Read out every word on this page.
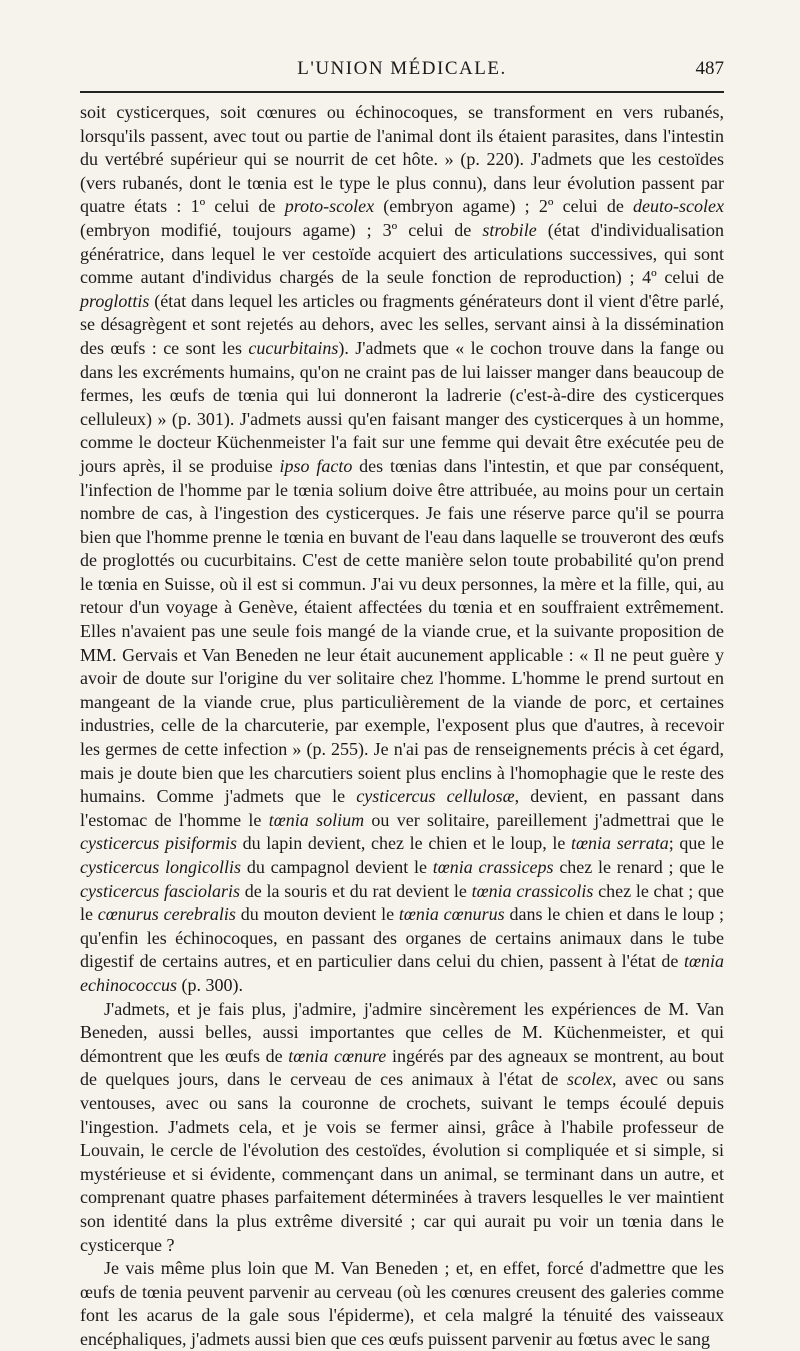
L'UNION MÉDICALE.	487

soit cysticerques, soit cœnures ou échinocoques, se transforment en vers rubanés, lorsqu'ils passent, avec tout ou partie de l'animal dont ils étaient parasites, dans l'intestin du vertébré supérieur qui se nourrit de cet hôte. » (p. 220). J'admets que les cestoïdes (vers rubanés, dont le tœnia est le type le plus connu), dans leur évolution passent par quatre états : 1º celui de proto-scolex (embryon agame) ; 2º celui de deuto-scolex (embryon modifié, toujours agame) ; 3º celui de strobile (état d'individualisation génératrice, dans lequel le ver cestoïde acquiert des articulations successives, qui sont comme autant d'individus chargés de la seule fonction de reproduction) ; 4º celui de proglottis (état dans lequel les articles ou fragments générateurs dont il vient d'être parlé, se désagrègent et sont rejetés au dehors, avec les selles, servant ainsi à la dissémination des œufs : ce sont les cucurbitains). J'admets que « le cochon trouve dans la fange ou dans les excréments humains, qu'on ne craint pas de lui laisser manger dans beaucoup de fermes, les œufs de tœnia qui lui donneront la ladrerie (c'est-à-dire des cysticerques celluleux) » (p. 301). J'admets aussi qu'en faisant manger des cysticerques à un homme, comme le docteur Küchenmeister l'a fait sur une femme qui devait être exécutée peu de jours après, il se produise ipso facto des tœnias dans l'intestin, et que par conséquent, l'infection de l'homme par le tœnia solium doive être attribuée, au moins pour un certain nombre de cas, à l'ingestion des cysticerques. Je fais une réserve parce qu'il se pourra bien que l'homme prenne le tœnia en buvant de l'eau dans laquelle se trouveront des œufs de proglottés ou cucurbitains. C'est de cette manière selon toute probabilité qu'on prend le tœnia en Suisse, où il est si commun. J'ai vu deux personnes, la mère et la fille, qui, au retour d'un voyage à Genève, étaient affectées du tœnia et en souffraient extrêmement. Elles n'avaient pas une seule fois mangé de la viande crue, et la suivante proposition de MM. Gervais et Van Beneden ne leur était aucunement applicable : « Il ne peut guère y avoir de doute sur l'origine du ver solitaire chez l'homme. L'homme le prend surtout en mangeant de la viande crue, plus particulièrement de la viande de porc, et certaines industries, celle de la charcuterie, par exemple, l'exposent plus que d'autres, à recevoir les germes de cette infection » (p. 255). Je n'ai pas de renseignements précis à cet égard, mais je doute bien que les charcutiers soient plus enclins à l'homophagie que le reste des humains. Comme j'admets que le cysticercus cellulosæ, devient, en passant dans l'estomac de l'homme le tœnia solium ou ver solitaire, pareillement j'admettrai que le cysticercus pisiformis du lapin devient, chez le chien et le loup, le tœnia serrata; que le cysticercus longicollis du campagnol devient le tœnia crassiceps chez le renard ; que le cysticercus fasciolaris de la souris et du rat devient le tœnia crassicolis chez le chat ; que le cœnurus cerebralis du mouton devient le tœnia cœnurus dans le chien et dans le loup ; qu'enfin les échinocoques, en passant des organes de certains animaux dans le tube digestif de certains autres, et en particulier dans celui du chien, passent à l'état de tœnia echinococcus (p. 300).

J'admets, et je fais plus, j'admire, j'admire sincèrement les expériences de M. Van Beneden, aussi belles, aussi importantes que celles de M. Küchenmeister, et qui démontrent que les œufs de tœnia cœnure ingérés par des agneaux se montrent, au bout de quelques jours, dans le cerveau de ces animaux à l'état de scolex, avec ou sans ventouses, avec ou sans la couronne de crochets, suivant le temps écoulé depuis l'ingestion. J'admets cela, et je vois se fermer ainsi, grâce à l'habile professeur de Louvain, le cercle de l'évolution des cestoïdes, évolution si compliquée et si simple, si mystérieuse et si évidente, commençant dans un animal, se terminant dans un autre, et comprenant quatre phases parfaitement déterminées à travers lesquelles le ver maintient son identité dans la plus extrême diversité ; car qui aurait pu voir un tœnia dans le cysticerque ?

Je vais même plus loin que M. Van Beneden ; et, en effet, forcé d'admettre que les œufs de tœnia peuvent parvenir au cerveau (où les cœnures creusent des galeries comme font les acarus de la gale sous l'épiderme), et cela malgré la ténuité des vaisseaux encéphaliques, j'admets aussi bien que ces œufs puissent parvenir au fœtus avec le sang
